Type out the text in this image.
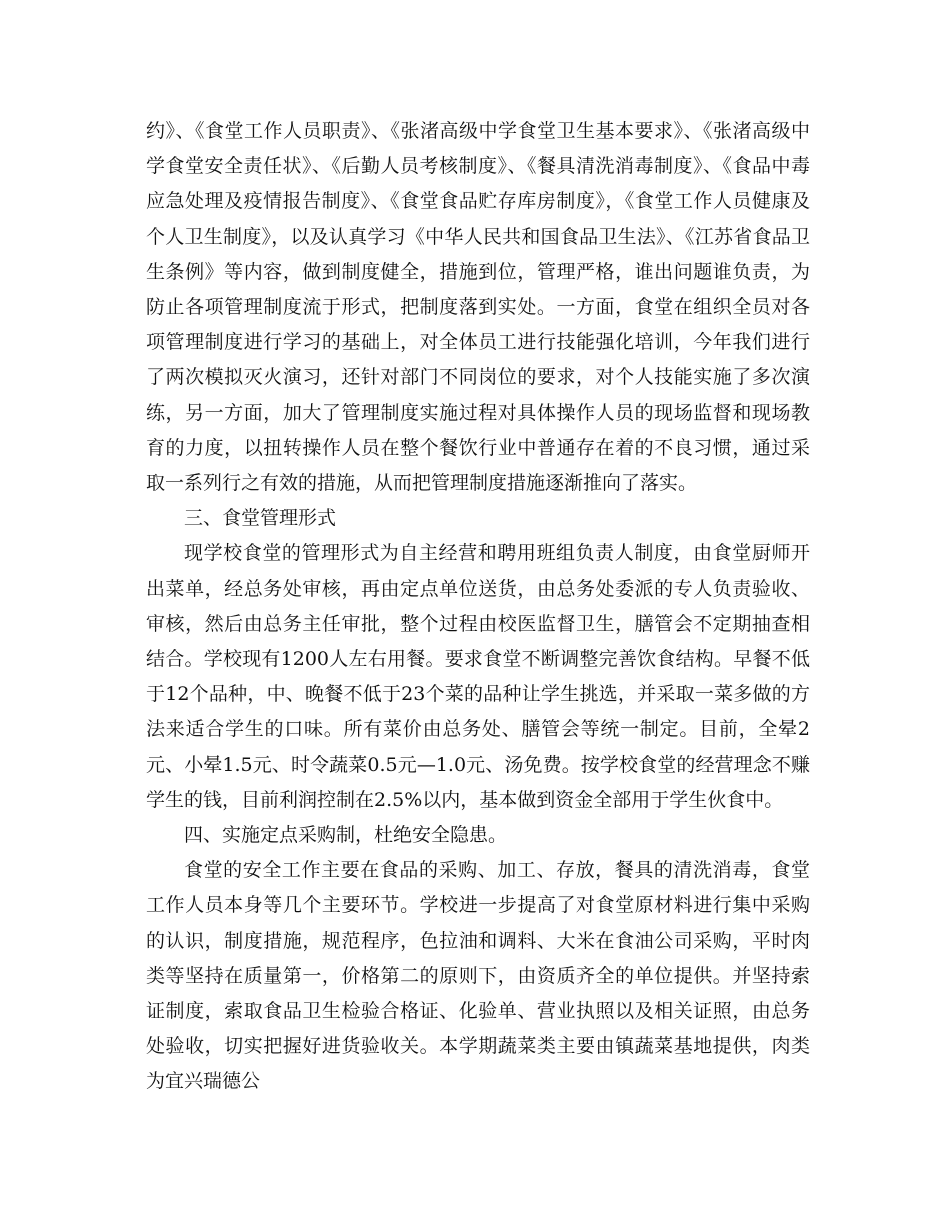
约》、《食堂工作人员职责》、《张渚高级中学食堂卫生基本要求》、《张渚高级中学食堂安全责任状》、《后勤人员考核制度》、《餐具清洗消毒制度》、《食品中毒应急处理及疫情报告制度》、《食堂食品贮存库房制度》，《食堂工作人员健康及个人卫生制度》，以及认真学习《中华人民共和国食品卫生法》、《江苏省食品卫生条例》等内容，做到制度健全，措施到位，管理严格，谁出问题谁负责，为防止各项管理制度流于形式，把制度落到实处。一方面，食堂在组织全员对各项管理制度进行学习的基础上，对全体员工进行技能强化培训，今年我们进行了两次模拟灭火演习，还针对部门不同岗位的要求，对个人技能实施了多次演练，另一方面，加大了管理制度实施过程对具体操作人员的现场监督和现场教育的力度，以扭转操作人员在整个餐饮行业中普通存在着的不良习惯，通过采取一系列行之有效的措施，从而把管理制度措施逐渐推向了落实。

三、食堂管理形式

现学校食堂的管理形式为自主经营和聘用班组负责人制度，由食堂厨师开出菜单，经总务处审核，再由定点单位送货，由总务处委派的专人负责验收、审核，然后由总务主任审批，整个过程由校医监督卫生，膳管会不定期抽查相结合。学校现有1200人左右用餐。要求食堂不断调整完善饮食结构。早餐不低于12个品种，中、晚餐不低于23个菜的品种让学生挑选，并采取一菜多做的方法来适合学生的口味。所有菜价由总务处、膳管会等统一制定。目前，全晕2元、小晕1.5元、时令蔬菜0.5元—1.0元、汤免费。按学校食堂的经营理念不赚学生的钱，目前利润控制在2.5%以内，基本做到资金全部用于学生伙食中。

四、实施定点采购制，杜绝安全隐患。

食堂的安全工作主要在食品的采购、加工、存放，餐具的清洗消毒，食堂工作人员本身等几个主要环节。学校进一步提高了对食堂原材料进行集中采购的认识，制度措施，规范程序，色拉油和调料、大米在食油公司采购，平时肉类等坚持在质量第一，价格第二的原则下，由资质齐全的单位提供。并坚持索证制度，索取食品卫生检验合格证、化验单、营业执照以及相关证照，由总务处验收，切实把握好进货验收关。本学期蔬菜类主要由镇蔬菜基地提供，肉类为宜兴瑞德公
